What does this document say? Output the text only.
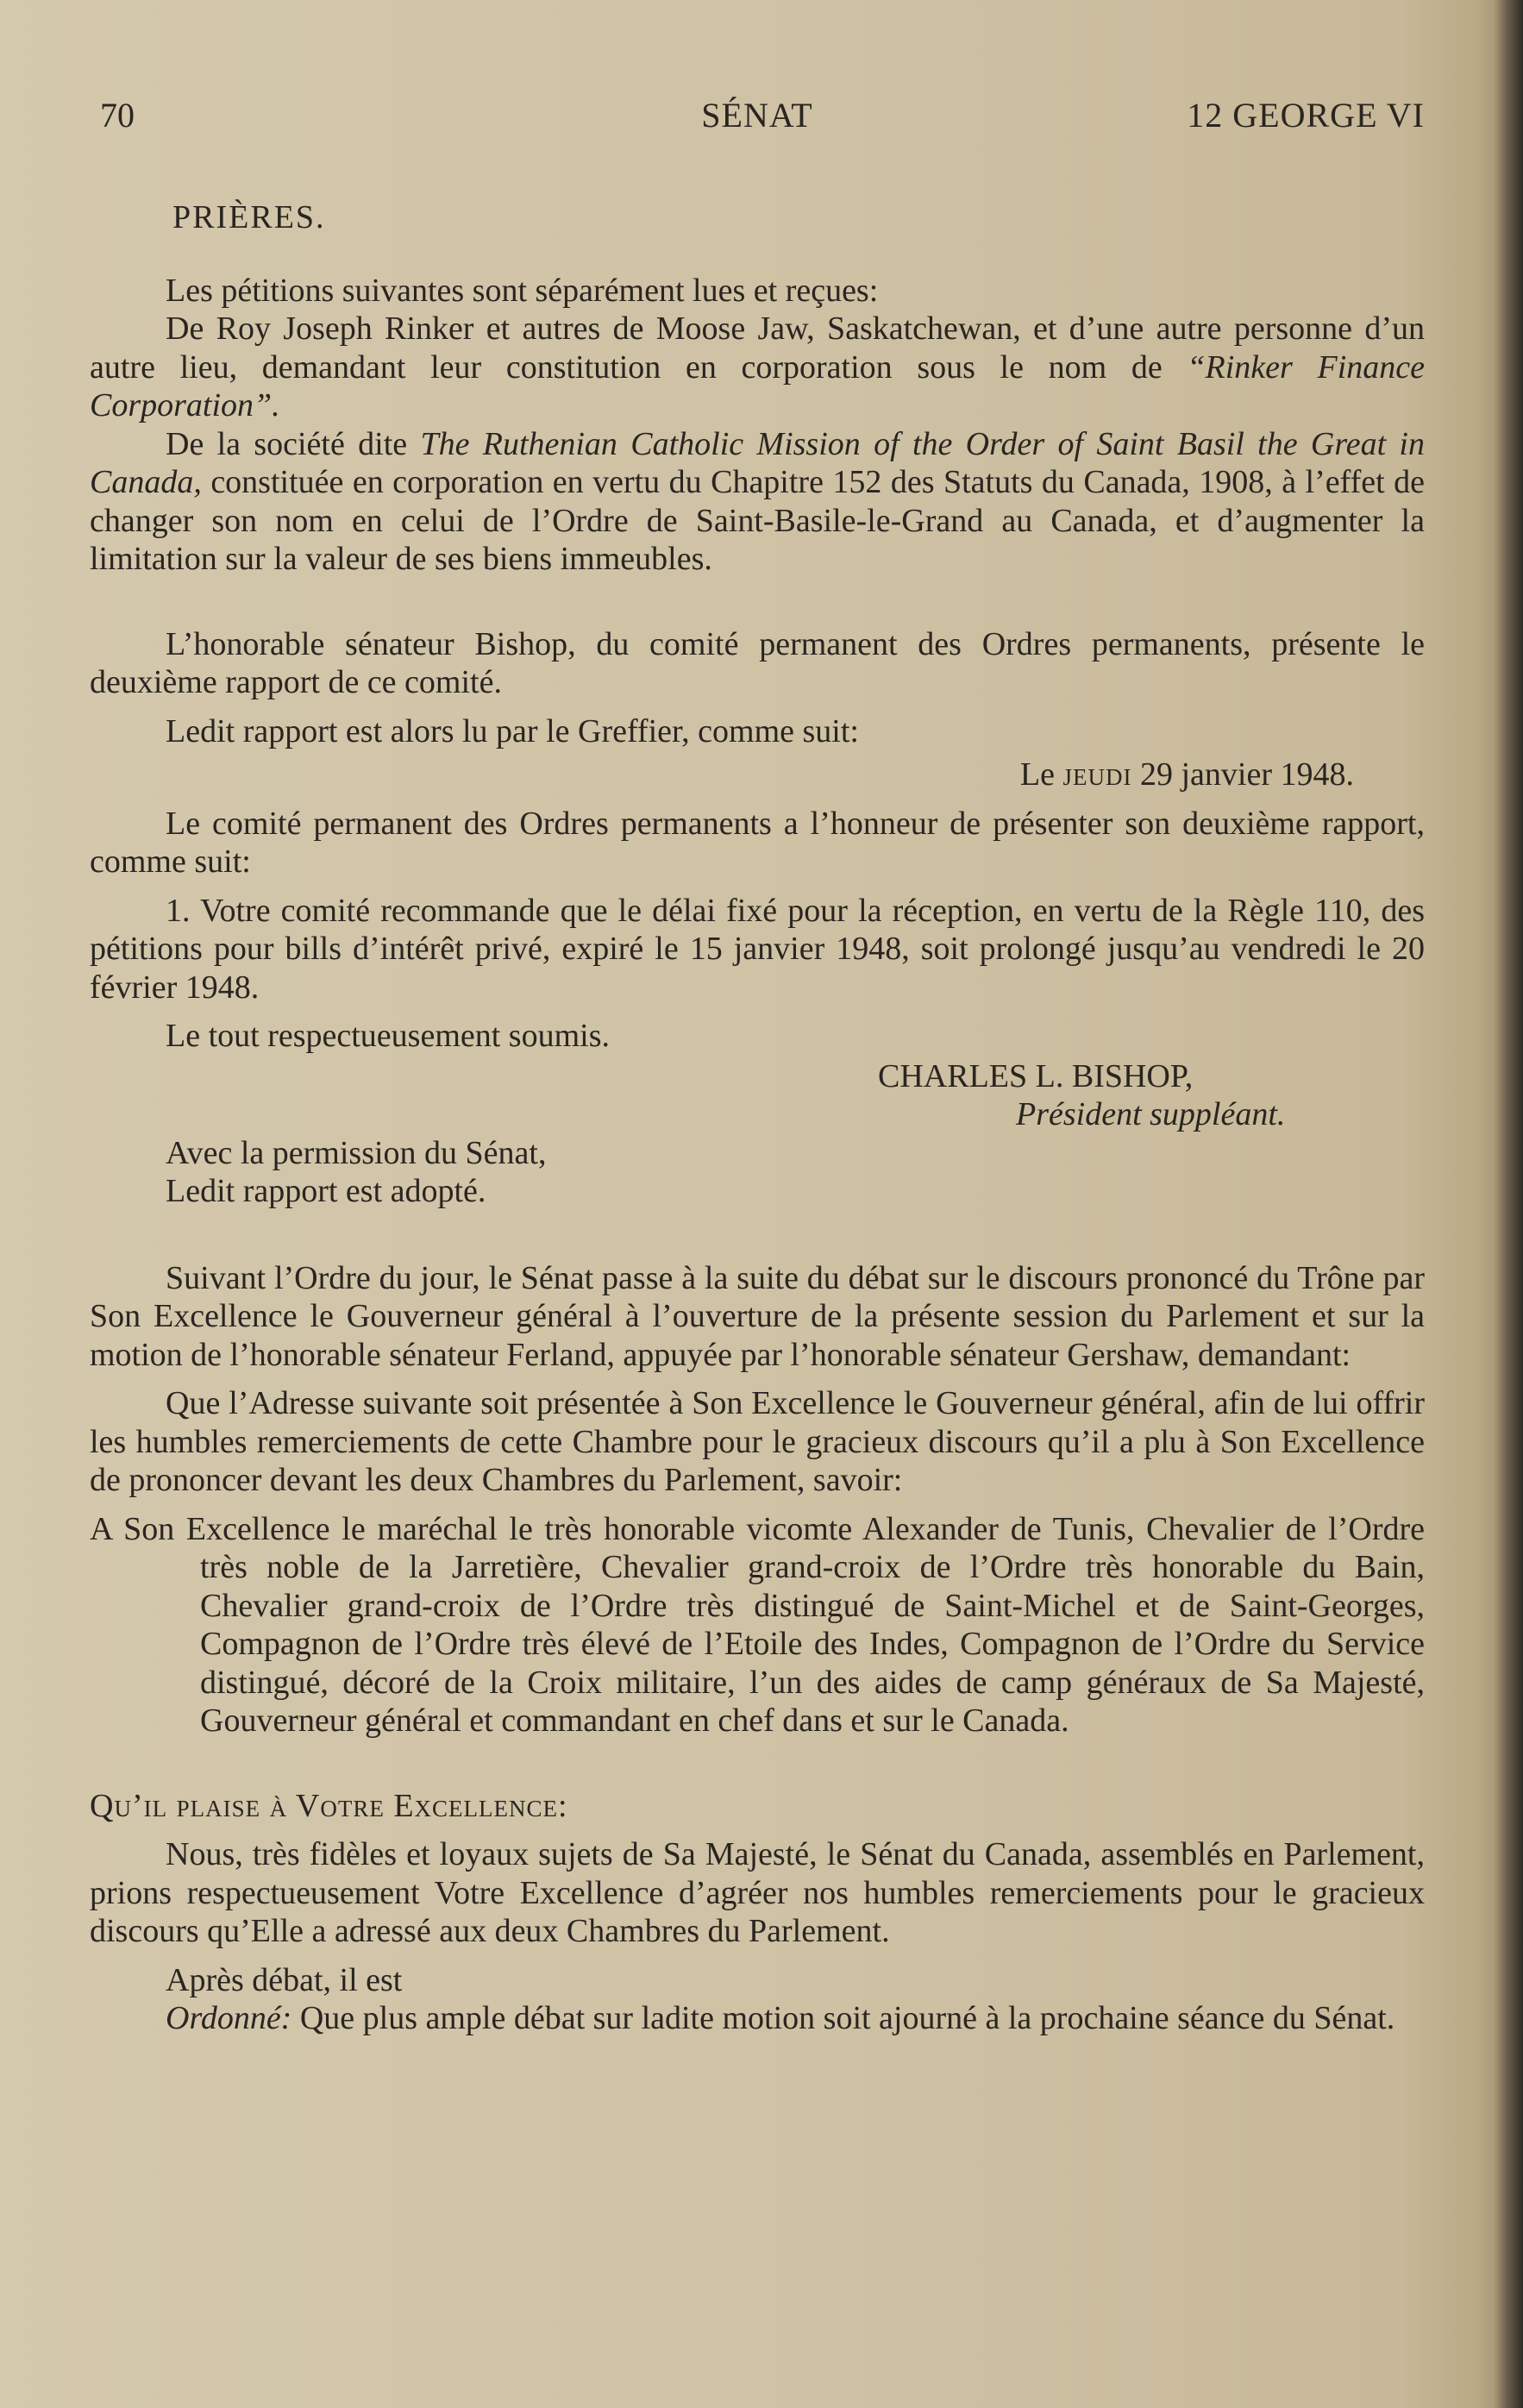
70	SÉNAT	12 GEORGE VI

PRIÈRES.

Les pétitions suivantes sont séparément lues et reçues:

De Roy Joseph Rinker et autres de Moose Jaw, Saskatchewan, et d’une autre personne d’un autre lieu, demandant leur constitution en corporation sous le nom de “Rinker Finance Corporation”.

De la société dite The Ruthenian Catholic Mission of the Order of Saint Basil the Great in Canada, constituée en corporation en vertu du Chapitre 152 des Statuts du Canada, 1908, à l’effet de changer son nom en celui de l’Ordre de Saint-Basile-le-Grand au Canada, et d’augmenter la limitation sur la valeur de ses biens immeubles.

L’honorable sénateur Bishop, du comité permanent des Ordres permanents, présente le deuxième rapport de ce comité.

Ledit rapport est alors lu par le Greffier, comme suit:

Le jeudi 29 janvier 1948.

Le comité permanent des Ordres permanents a l’honneur de présenter son deuxième rapport, comme suit:

1. Votre comité recommande que le délai fixé pour la réception, en vertu de la Règle 110, des pétitions pour bills d’intérêt privé, expiré le 15 janvier 1948, soit prolongé jusqu’au vendredi le 20 février 1948.

Le tout respectueusement soumis.

CHARLES L. BISHOP,
Président suppléant.

Avec la permission du Sénat,

Ledit rapport est adopté.

Suivant l’Ordre du jour, le Sénat passe à la suite du débat sur le discours prononcé du Trône par Son Excellence le Gouverneur général à l’ouverture de la présente session du Parlement et sur la motion de l’honorable sénateur Ferland, appuyée par l’honorable sénateur Gershaw, demandant:

Que l’Adresse suivante soit présentée à Son Excellence le Gouverneur général, afin de lui offrir les humbles remerciements de cette Chambre pour le gracieux discours qu’il a plu à Son Excellence de prononcer devant les deux Chambres du Parlement, savoir:

A Son Excellence le maréchal le très honorable vicomte Alexander de Tunis, Chevalier de l’Ordre très noble de la Jarretière, Chevalier grand-croix de l’Ordre très honorable du Bain, Chevalier grand-croix de l’Ordre très distingué de Saint-Michel et de Saint-Georges, Compagnon de l’Ordre très élevé de l’Etoile des Indes, Compagnon de l’Ordre du Service distingué, décoré de la Croix militaire, l’un des aides de camp généraux de Sa Majesté, Gouverneur général et commandant en chef dans et sur le Canada.

Qu’il plaise à Votre Excellence:

Nous, très fidèles et loyaux sujets de Sa Majesté, le Sénat du Canada, assemblés en Parlement, prions respectueusement Votre Excellence d’agréer nos humbles remerciements pour le gracieux discours qu’Elle a adressé aux deux Chambres du Parlement.

Après débat, il est

Ordonné: Que plus ample débat sur ladite motion soit ajourné à la prochaine séance du Sénat.
